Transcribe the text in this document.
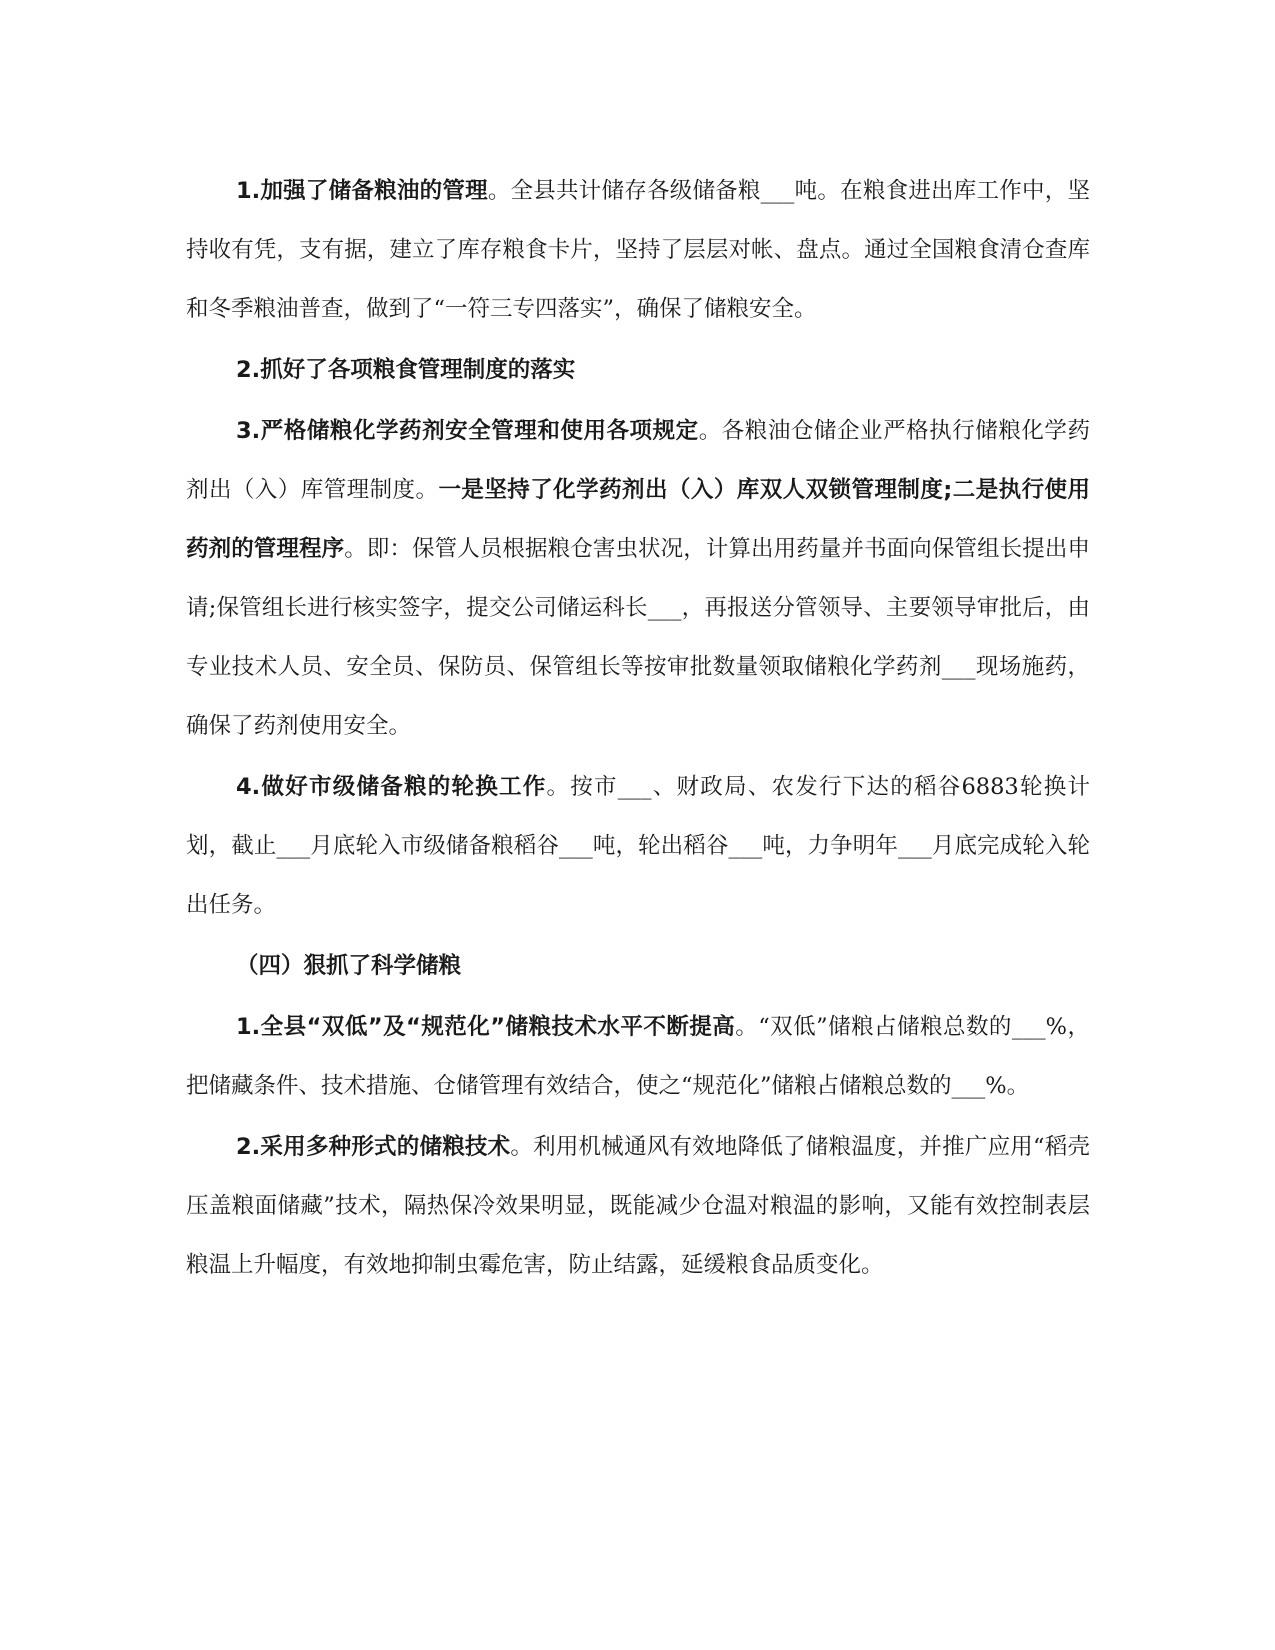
1.加强了储备粮油的管理。全县共计储存各级储备粮___吨。在粮食进出库工作中，坚持收有凭，支有据，建立了库存粮食卡片，坚持了层层对帐、盘点。通过全国粮食清仓查库和冬季粮油普查，做到了“一符三专四落实”，确保了储粮安全。

2.抓好了各项粮食管理制度的落实

3.严格储粮化学药剂安全管理和使用各项规定。各粮油仓储企业严格执行储粮化学药剂出（入）库管理制度。一是坚持了化学药剂出（入）库双人双锁管理制度;二是执行使用药剂的管理程序。即：保管人员根据粮仓害虫状况，计算出用药量并书面向保管组长提出申请;保管组长进行核实签字，提交公司储运科长___，再报送分管领导、主要领导审批后，由专业技术人员、安全员、保防员、保管组长等按审批数量领取储粮化学药剂___现场施药，确保了药剂使用安全。

4.做好市级储备粮的轮换工作。按市___、财政局、农发行下达的稻谷6883轮换计划，截止___月底轮入市级储备粮稻谷___吨，轮出稻谷___吨，力争明年___月底完成轮入轮出任务。

（四）狠抓了科学储粮

1.全县“双低”及“规范化”储粮技术水平不断提高。“双低”储粮占储粮总数的___%，把储藏条件、技术措施、仓储管理有效结合，使之“规范化”储粮占储粮总数的___%。

2.采用多种形式的储粮技术。利用机械通风有效地降低了储粮温度，并推广应用“稻壳压盖粮面储藏”技术，隔热保冷效果明显，既能减少仓温对粮温的影响，又能有效控制表层粮温上升幅度，有效地抑制虫霉危害，防止结露，延缓粮食品质变化。
